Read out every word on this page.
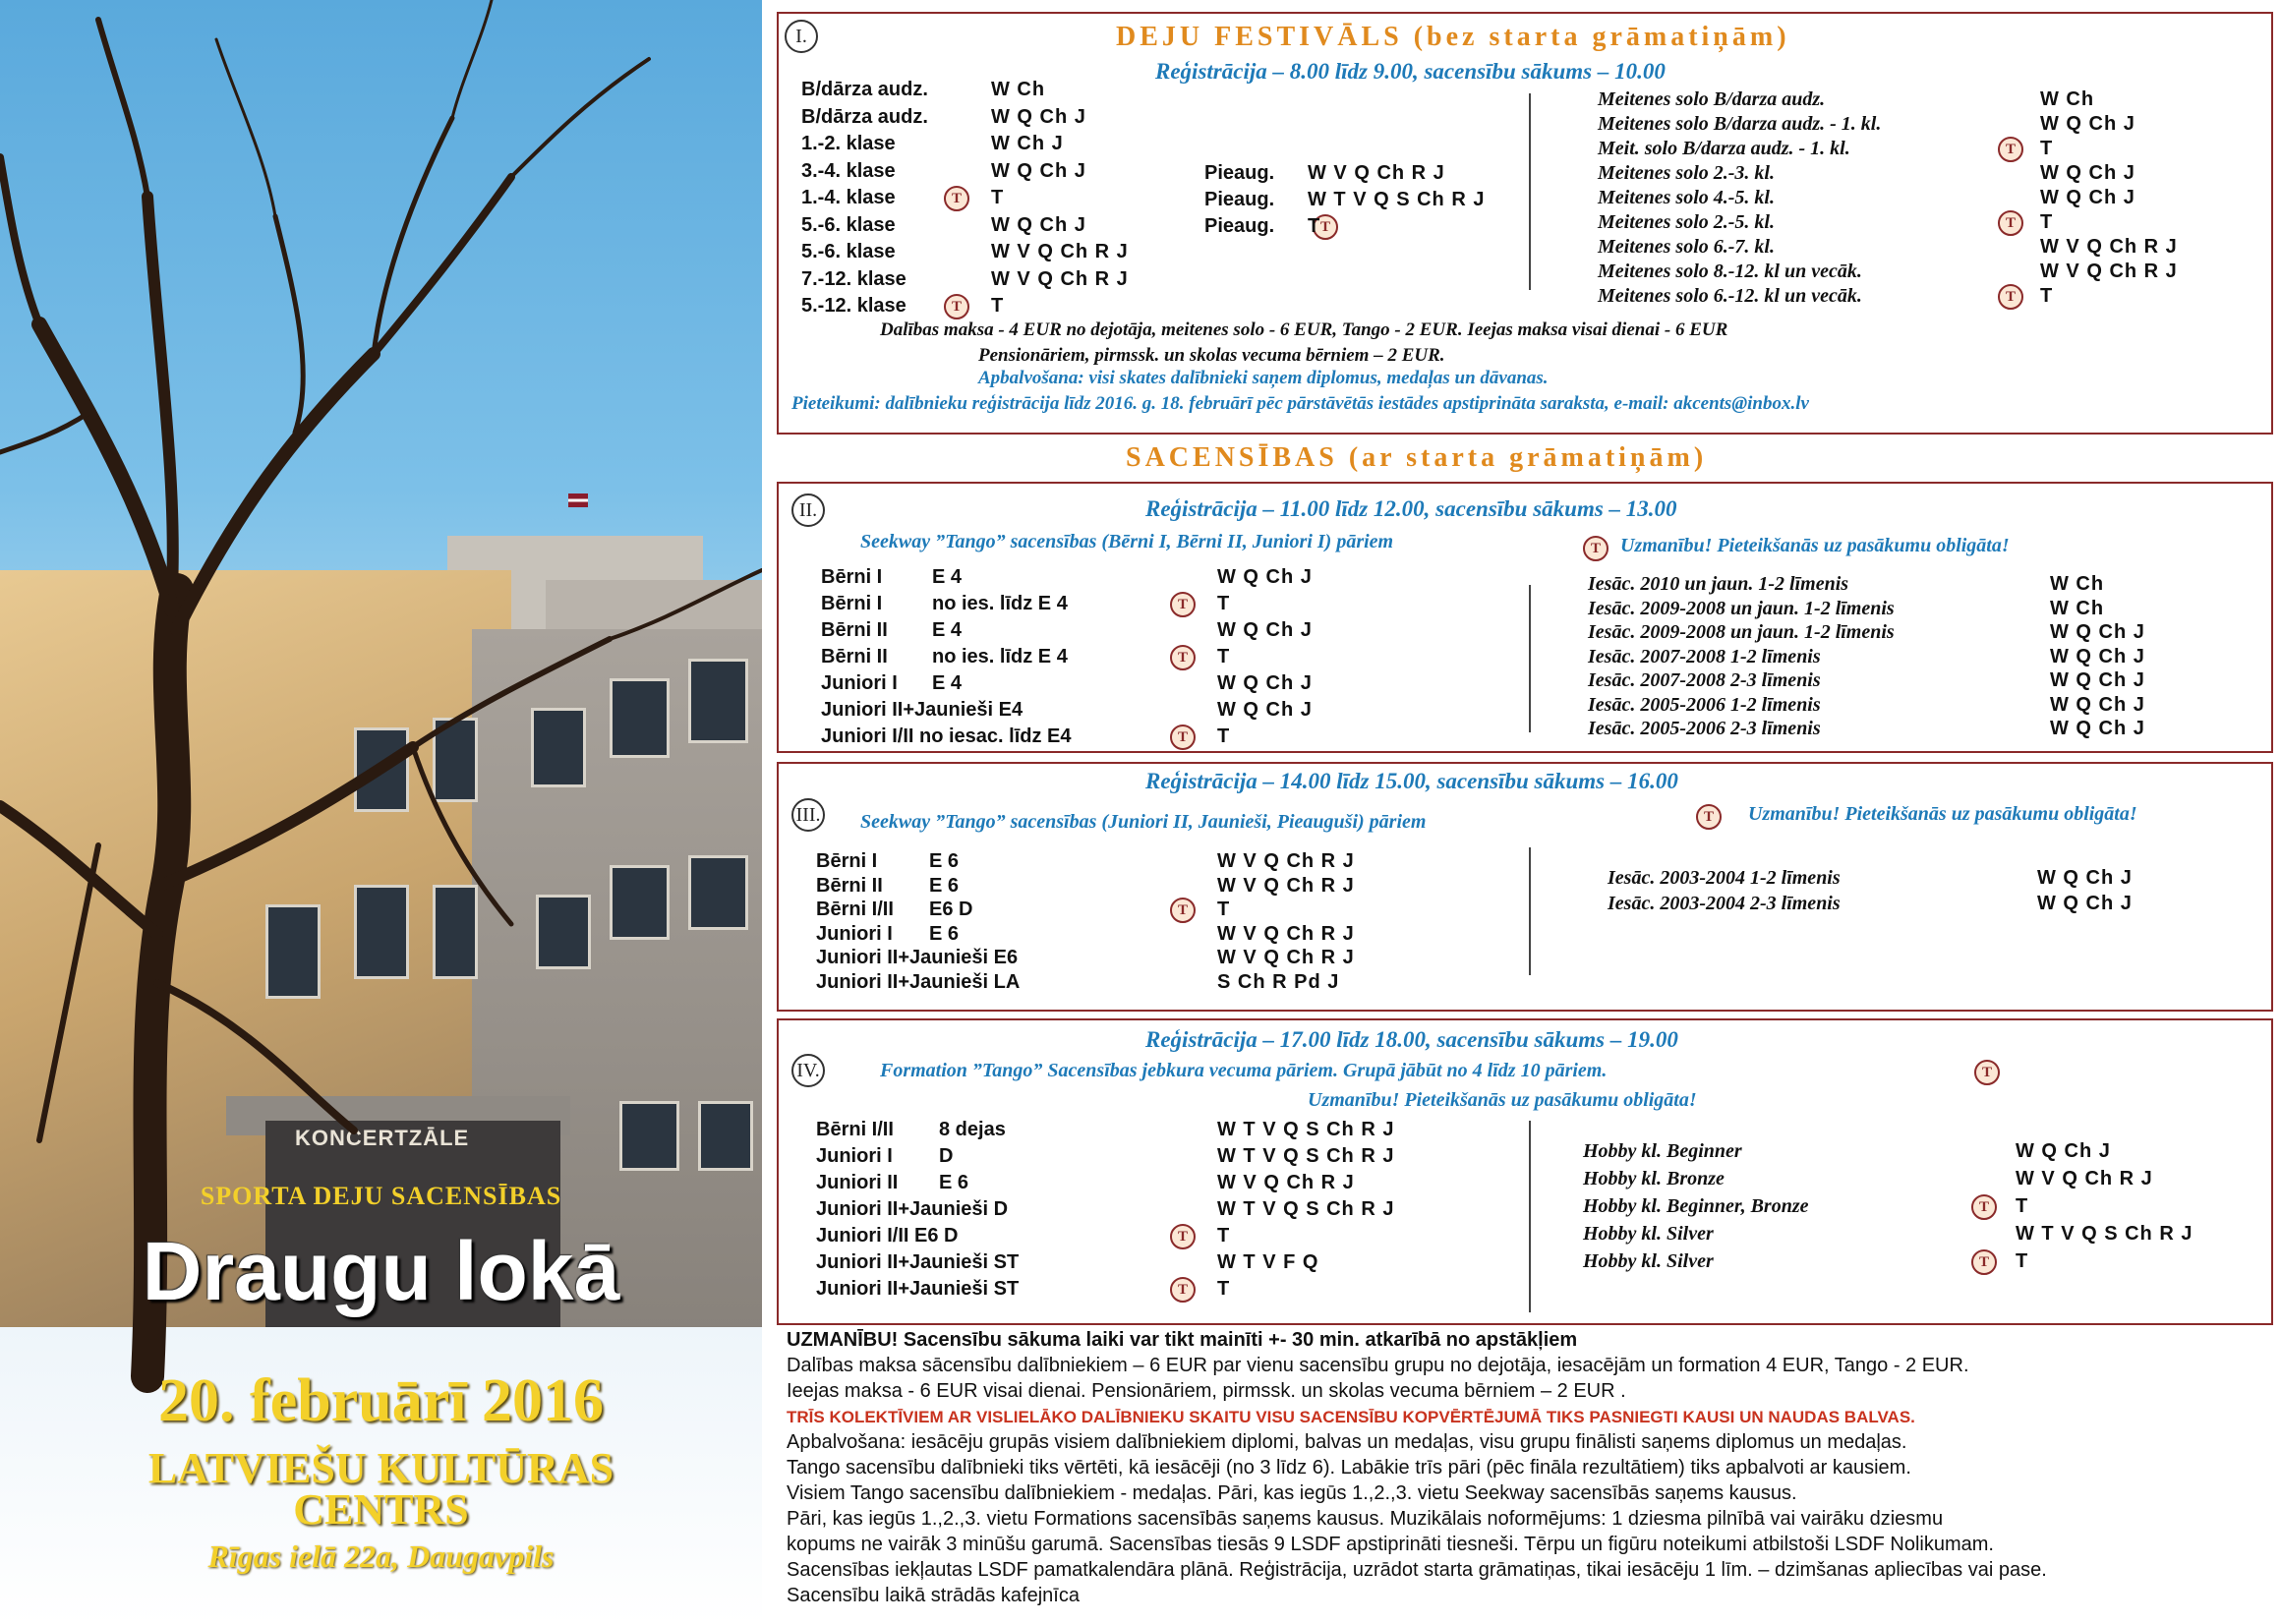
KONCERTZĀLE
SPORTA DEJU SACENSĪBAS
Draugu lokā
20. februārī 2016
LATVIEŠU KULTŪRAS
CENTRS
Rīgas ielā 22a, Daugavpils
I.	DEJU FESTIVĀLS (bez starta grāmatiņām)
Reģistrācija – 8.00 līdz 9.00, sacensību sākums – 10.00
Dalības maksa - 4 EUR no dejotāja, meitenes solo - 6 EUR, Tango - 2 EUR. Ieejas maksa visai dienai - 6 EUR
Pensionāriem, pirmssk. un skolas vecuma bērniem – 2 EUR.
Apbalvošana: visi skates dalībnieki saņem diplomus, medaļas un dāvanas.
Pieteikumi: dalībnieku reģistrācija līdz 2016. g. 18. februārī pēc pārstāvētās iestādes apstiprināta saraksta, e-mail: akcents@inbox.lv
SACENSĪBAS (ar starta grāmatiņām)
II.	Reģistrācija – 11.00 līdz 12.00, sacensību sākums – 13.00
Seekway ”Tango” sacensības (Bērni I, Bērni II, Juniori I) pāriem	T	Uzmanību! Pieteikšanās uz pasākumu obligāta!
III.
Reģistrācija – 14.00 līdz 15.00, sacensību sākums – 16.00
Seekway ”Tango” sacensības (Juniori II, Jaunieši, Pieauguši) pāriem	T	Uzmanību! Pieteikšanās uz pasākumu obligāta!
IV.
Reģistrācija – 17.00 līdz 18.00, sacensību sākums – 19.00
Formation ”Tango” Sacensības jebkura vecuma pāriem. Grupā jābūt no 4 līdz 10 pāriem.	T
Uzmanību! Pieteikšanās uz pasākumu obligāta!
UZMANĪBU! Sacensību sākuma laiki var tikt mainīti +- 30 min. atkarībā no apstākļiem
Dalības maksa sācensību dalībniekiem – 6 EUR par vienu sacensību grupu no dejotāja, iesacējām un formation 4 EUR, Tango - 2 EUR.
Ieejas maksa - 6 EUR visai dienai. Pensionāriem, pirmssk. un skolas vecuma bērniem – 2 EUR .
TRĪS KOLEKTĪVIEM AR VISLIELĀKO DALĪBNIEKU SKAITU VISU SACENSĪBU KOPVĒRTĒJUMĀ TIKS PASNIEGTI KAUSI UN NAUDAS BALVAS.
Apbalvošana: iesācēju grupās visiem dalībniekiem diplomi, balvas un medaļas, visu grupu finālisti saņems diplomus un medaļas.
Tango sacensību dalībnieki tiks vērtēti, kā iesācēji (no 3 līdz 6). Labākie trīs pāri (pēc fināla rezultātiem) tiks apbalvoti ar kausiem.
Visiem Tango sacensību dalībniekiem - medaļas. Pāri, kas iegūs 1.,2.,3. vietu Seekway sacensībās saņems kausus.
Pāri, kas iegūs 1.,2.,3. vietu Formations sacensībās saņems kausus. Muzikālais noformējums: 1 dziesma pilnībā vai vairāku dziesmu
kopums ne vairāk 3 minūšu garumā. Sacensības tiesās 9 LSDF apstiprināti tiesneši. Tērpu un figūru noteikumi atbilstoši LSDF Nolikumam.
Sacensības iekļautas LSDF pamatkalendāra plānā. Reģistrācija, uzrādot starta grāmatiņas, tikai iesācēju 1 līm. – dzimšanas apliecības vai pase.
Sacensību laikā strādās kafejnīca
B/dārza audz.	W Ch
B/dārza audz.	W Q Ch J
1.-2. klase	W Ch J
3.-4. klase	W Q Ch J
1.-4. klase	T	T
5.-6. klase	W Q Ch J
5.-6. klase	W V Q Ch R J
7.-12. klase	W V Q Ch R J
5.-12. klase	T	T
Pieaug. W V Q Ch R J
Pieaug. W T V Q S Ch R J
Pieaug.	T
T
Meitenes solo B/darza audz.	W Ch
Meitenes solo B/darza audz. - 1. kl.	W Q Ch J
Meit. solo B/darza audz. - 1. kl.	T	T
Meitenes solo 2.-3. kl.	W Q Ch J
Meitenes solo 4.-5. kl.	W Q Ch J
Meitenes solo 2.-5. kl.	T	T
Meitenes solo 6.-7. kl.	W V Q Ch R J
Meitenes solo 8.-12. kl un vecāk.	W V Q Ch R J
Meitenes solo 6.-12. kl un vecāk.	T	T
Bērni I	E 4	W Q Ch J
Bērni I	no ies. līdz E 4	T	T
Bērni II E 4	W Q Ch J
Bērni II no ies. līdz E 4	T	T
Juniori I E 4	W Q Ch J
Juniori II+Jaunieši E4	W Q Ch J
Juniori I/II no iesac. līdz E4	T	T
Iesāc. 2010 un jaun. 1-2 līmenis	W Ch
Iesāc. 2009-2008 un jaun. 1-2 līmenis	W Ch
Iesāc. 2009-2008 un jaun. 1-2 līmenis	W Q Ch J
Iesāc. 2007-2008 1-2 līmenis	W Q Ch J
Iesāc. 2007-2008 2-3 līmenis	W Q Ch J
Iesāc. 2005-2006 1-2 līmenis	W Q Ch J
Iesāc. 2005-2006 2-3 līmenis	W Q Ch J
Bērni I	E 6	W V Q Ch R J
Bērni II E 6	W V Q Ch R J
Bērni I/II E6 D	T	T
Juniori I E 6	W V Q Ch R J
Juniori II+Jaunieši E6	W V Q Ch R J
Juniori II+Jaunieši LA	S Ch R Pd J
Iesāc. 2003-2004 1-2 līmenis	W Q Ch J
Iesāc. 2003-2004 2-3 līmenis	W Q Ch J
Bērni I/II 8 dejas	W T V Q S Ch R J
Juniori I D	W T V Q S Ch R J
Juniori II E 6	W V Q Ch R J
Juniori II+Jaunieši D	W T V Q S Ch R J
Juniori I/II E6 D	T	T
Juniori II+Jaunieši ST	W T V F Q
Juniori II+Jaunieši ST	T	T
Hobby kl. Beginner	W Q Ch J
Hobby kl. Bronze	W V Q Ch R J
Hobby kl. Beginner, Bronze	T	T
Hobby kl. Silver	W T V Q S Ch R J
Hobby kl. Silver	T	T
